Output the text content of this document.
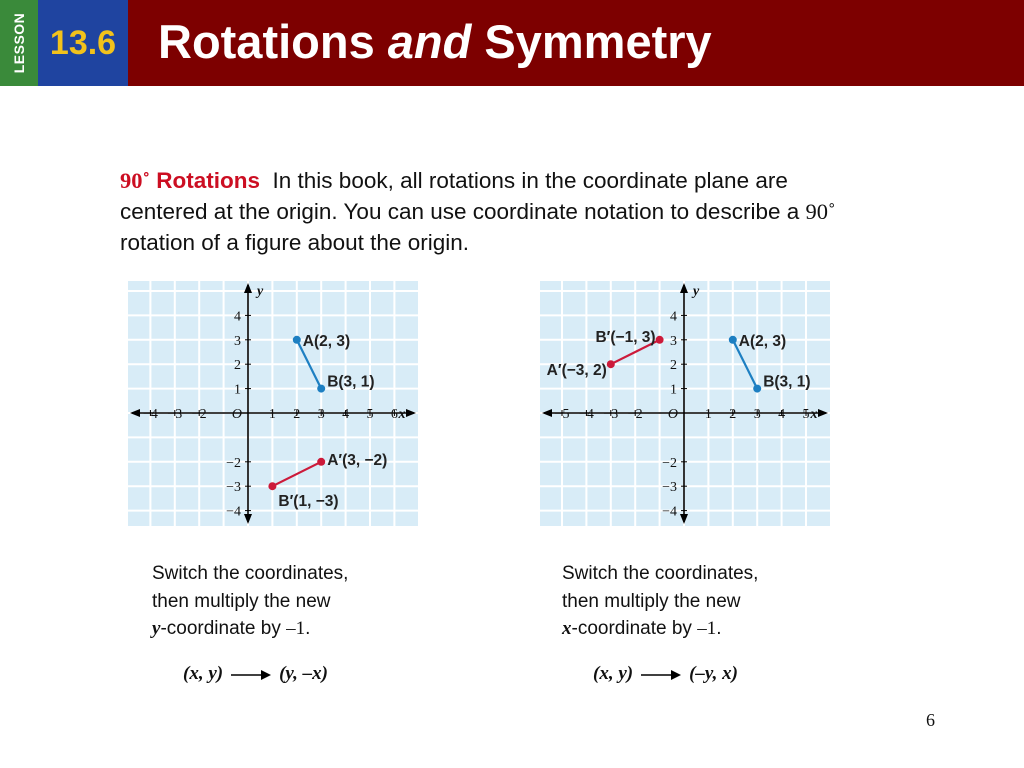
LESSON 13.6 Rotations and Symmetry
90˚ Rotations In this book, all rotations in the coordinate plane are centered at the origin. You can use coordinate notation to describe a 90˚ rotation of a figure about the origin.
−4 −3 −2	1 2 3 4 5 6
4
3
2
1
−2
−3
−4
O	x
y
A(2, 3)
B(3, 1)
A′(3, −2)
B′(1, −3)
−5 −4 −3 −2	1 2 3 4 5
4
3
2
1
−2
−3
−4
O	x
y
A(2, 3)
B(3, 1)
B′(−1, 3)
A′(−3, 2)
Switch the coordinates,
then multiply the new
y-coordinate by –1.
Switch the coordinates,
then multiply the new
x-coordinate by –1.
(x, y)	(y, –x)	(x, y)	(–y, x)
6
